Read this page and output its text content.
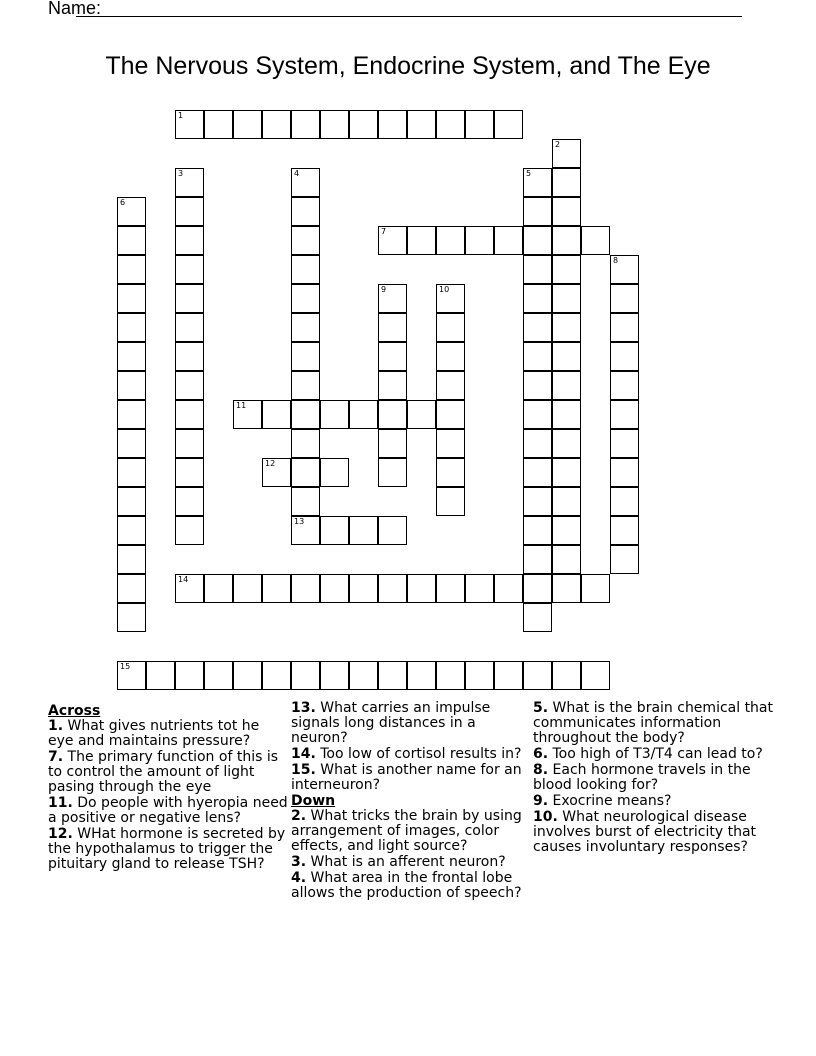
Name:
The Nervous System, Endocrine System, and The Eye
1
2
3	4
13
5
6
7
8
9	10
11
12
14
15
Across
1. What gives nutrients tot he eye and maintains pressure?
7. The primary function of this is to control the amount of light pasing through the eye
11. Do people with hyeropia need a positive or negative lens?
12. WHat hormone is secreted by the hypothalamus to trigger the pituitary gland to release TSH?
13. What carries an impulse signals long distances in a neuron?
14. Too low of cortisol results in?
15. What is another name for an interneuron?
Down
2. What tricks the brain by using arrangement of images, color effects, and light source?
3. What is an afferent neuron?
4. What area in the frontal lobe allows the production of speech?
5. What is the brain chemical that communicates information throughout the body?
6. Too high of T3/T4 can lead to?
8. Each hormone travels in the blood looking for?
9. Exocrine means?
10. What neurological disease involves burst of electricity that causes involuntary responses?
